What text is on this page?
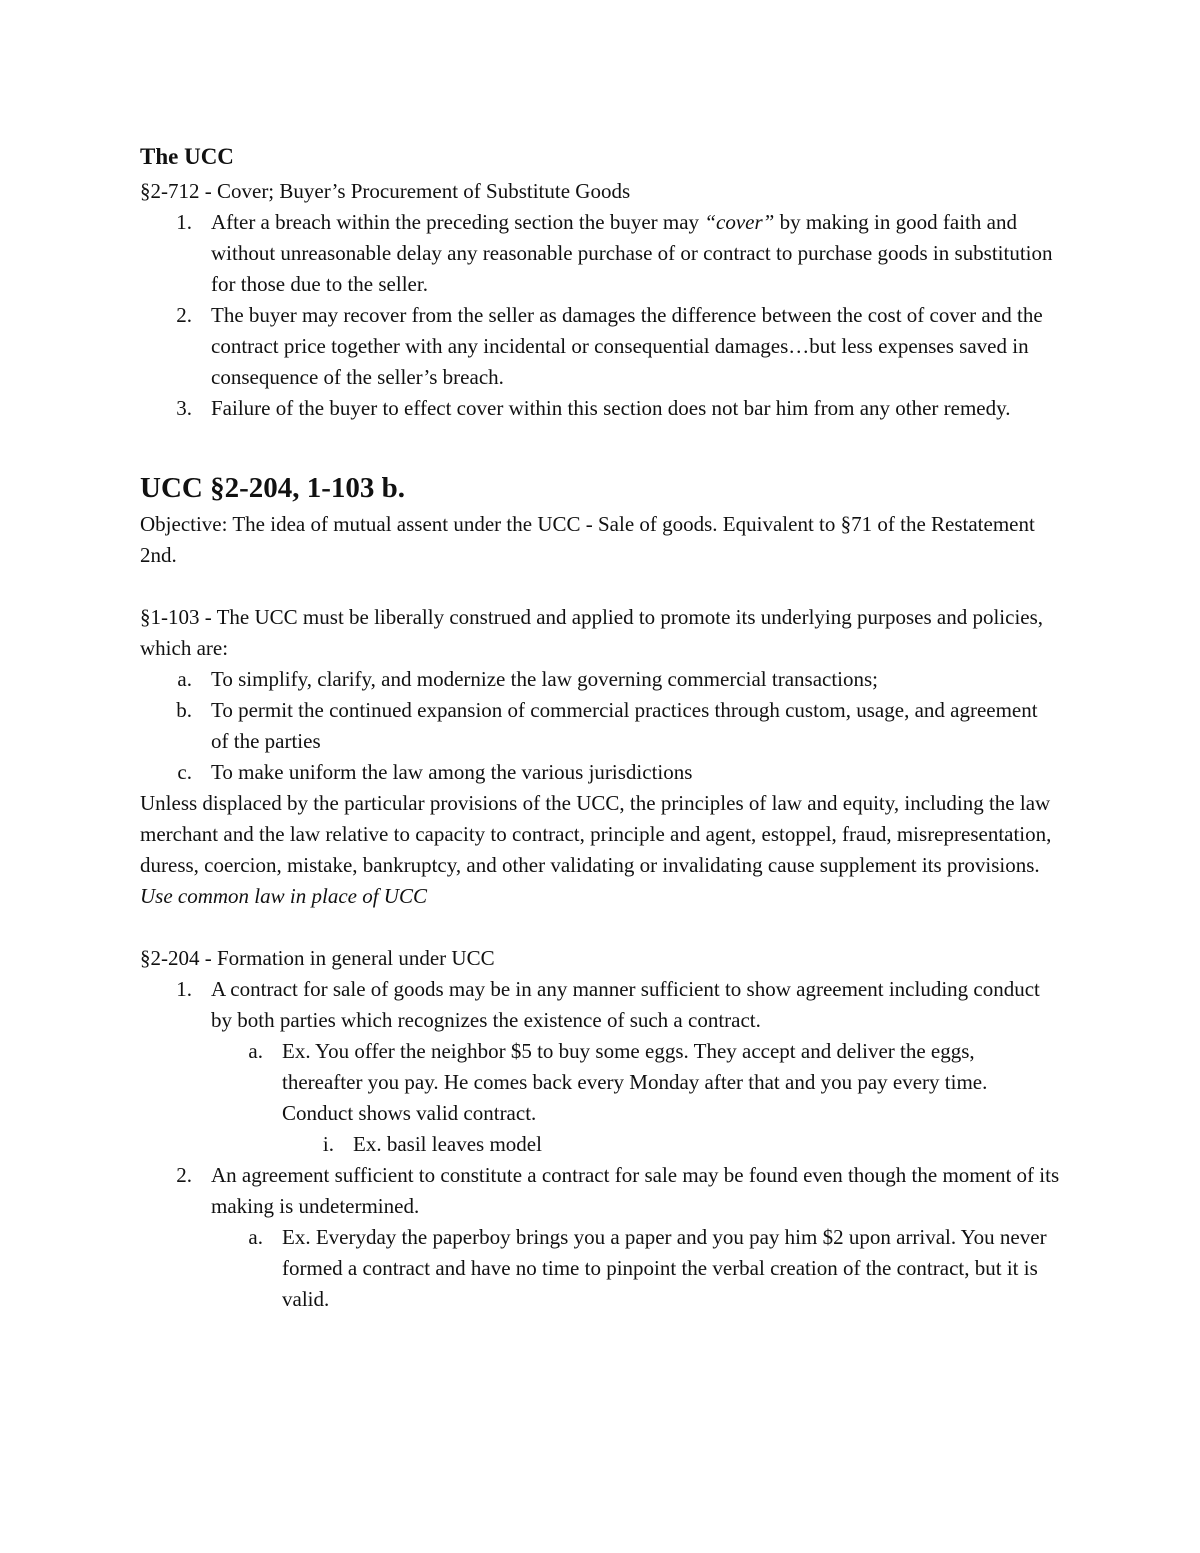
The UCC

§2-712 - Cover; Buyer’s Procurement of Substitute Goods

1. After a breach within the preceding section the buyer may “cover” by making in good faith and without unreasonable delay any reasonable purchase of or contract to purchase goods in substitution for those due to the seller.
2. The buyer may recover from the seller as damages the difference between the cost of cover and the contract price together with any incidental or consequential damages…but less expenses saved in consequence of the seller’s breach.
3. Failure of the buyer to effect cover within this section does not bar him from any other remedy.
UCC §2-204, 1-103 b.

Objective: The idea of mutual assent under the UCC - Sale of goods. Equivalent to §71 of the Restatement 2nd.

§1-103 - The UCC must be liberally construed and applied to promote its underlying purposes and policies, which are:

a. To simplify, clarify, and modernize the law governing commercial transactions;
b. To permit the continued expansion of commercial practices through custom, usage, and agreement of the parties
c. To make uniform the law among the various jurisdictions

Unless displaced by the particular provisions of the UCC, the principles of law and equity, including the law merchant and the law relative to capacity to contract, principle and agent, estoppel, fraud, misrepresentation, duress, coercion, mistake, bankruptcy, and other validating or invalidating cause supplement its provisions. Use common law in place of UCC

§2-204 - Formation in general under UCC

1. A contract for sale of goods may be in any manner sufficient to show agreement including conduct by both parties which recognizes the existence of such a contract.
a. Ex. You offer the neighbor $5 to buy some eggs. They accept and deliver the eggs, thereafter you pay. He comes back every Monday after that and you pay every time. Conduct shows valid contract.
i. Ex. basil leaves model
2. An agreement sufficient to constitute a contract for sale may be found even though the moment of its making is undetermined.
a. Ex. Everyday the paperboy brings you a paper and you pay him $2 upon arrival. You never formed a contract and have no time to pinpoint the verbal creation of the contract, but it is valid.
